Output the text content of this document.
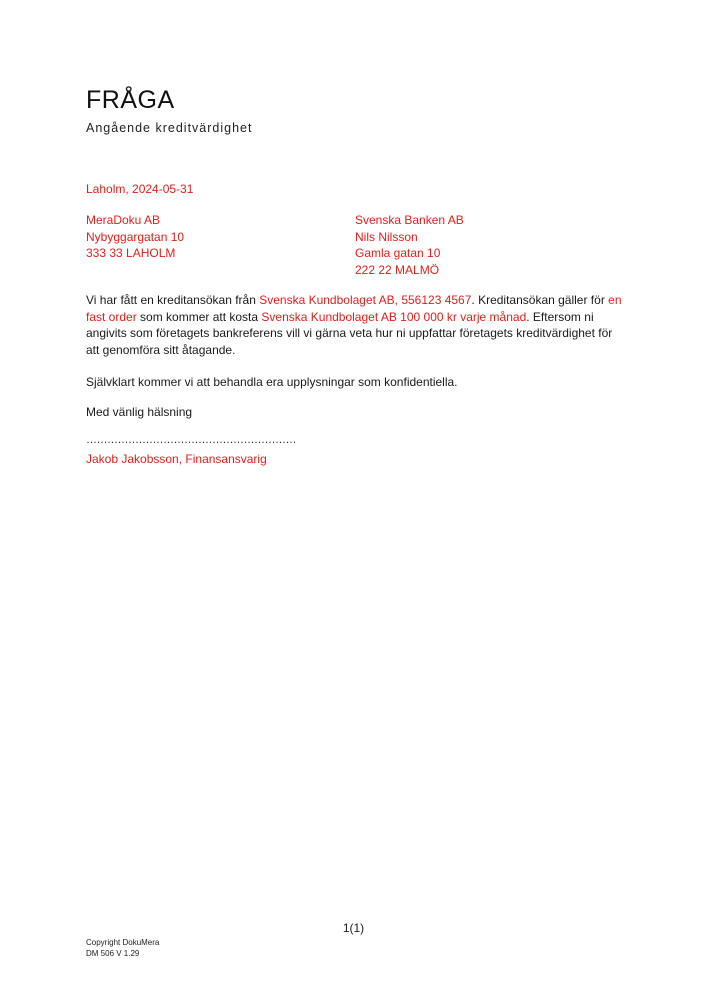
FRÅGA
Angående kreditvärdighet
Laholm, 2024-05-31
MeraDoku AB
Nybyggargatan 10
333 33 LAHOLM
Svenska Banken AB
Nils Nilsson
Gamla gatan 10
222 22 MALMÖ
Vi har fått en kreditansökan från Svenska Kundbolaget AB, 556123 4567. Kreditansökan gäller för en fast order som kommer att kosta Svenska Kundbolaget AB 100 000 kr varje månad. Eftersom ni angivits som företagets bankreferens vill vi gärna veta hur ni uppfattar företagets kreditvärdighet för att genomföra sitt åtagande.
Självklart kommer vi att behandla era upplysningar som konfidentiella.
Med vänlig hälsning
……………………………………………………
Jakob Jakobsson, Finansansvarig
1(1)
Copyright DokuMera
DM 506 V 1.29
